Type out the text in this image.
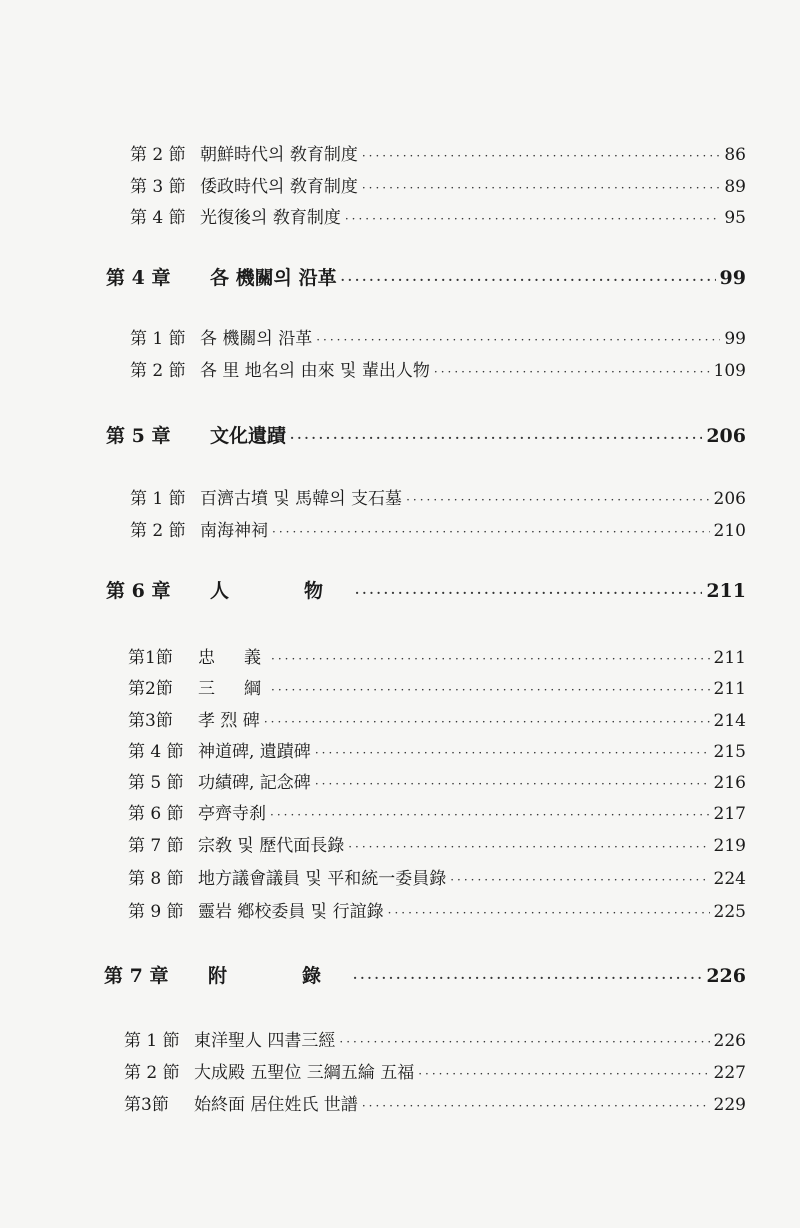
第 2 節 朝鮮時代의 敎育制度 ·····	86
第 3 節 倭政時代의 敎育制度 ·····	89
第 4 節 光復後의 敎育制度 ·····	95
第 4 章	各 機關의 沿革 ·····	99
第 1 節 各 機關의 沿革 ·····	99
第 2 節 各 里 地名의 由來 및 輩出人物 ·····	109
第 5 章	文化遺蹟 ·····	206
第 1 節 百濟古墳 및 馬韓의 支石墓 ·····	206
第 2 節 南海神祠 ·····	210
第 6 章	人　物 ·····	211
第1節	忠　義 ·····	211
第2節	三　綱 ·····	211
第3節	孝 烈 碑 ·····	214
第 4 節 神道碑, 遺蹟碑 ·····	215
第 5 節 功績碑, 記念碑 ·····	216
第 6 節 亭齊寺刹 ·····	217
第 7 節 宗敎 및 歷代面長錄 ·····	219
第 8 節 地方議會議員 및 平和統一委員錄 ·····	224
第 9 節 靈岩 鄕校委員 및 行誼錄 ·····	225
第 7 章	附　錄 ·····	226
第 1 節 東洋聖人 四書三經 ·····	226
第 2 節 大成殿 五聖位 三綱五綸 五福 ·····	227
第3節	始終面 居住姓氏 世譜 ·····	229
